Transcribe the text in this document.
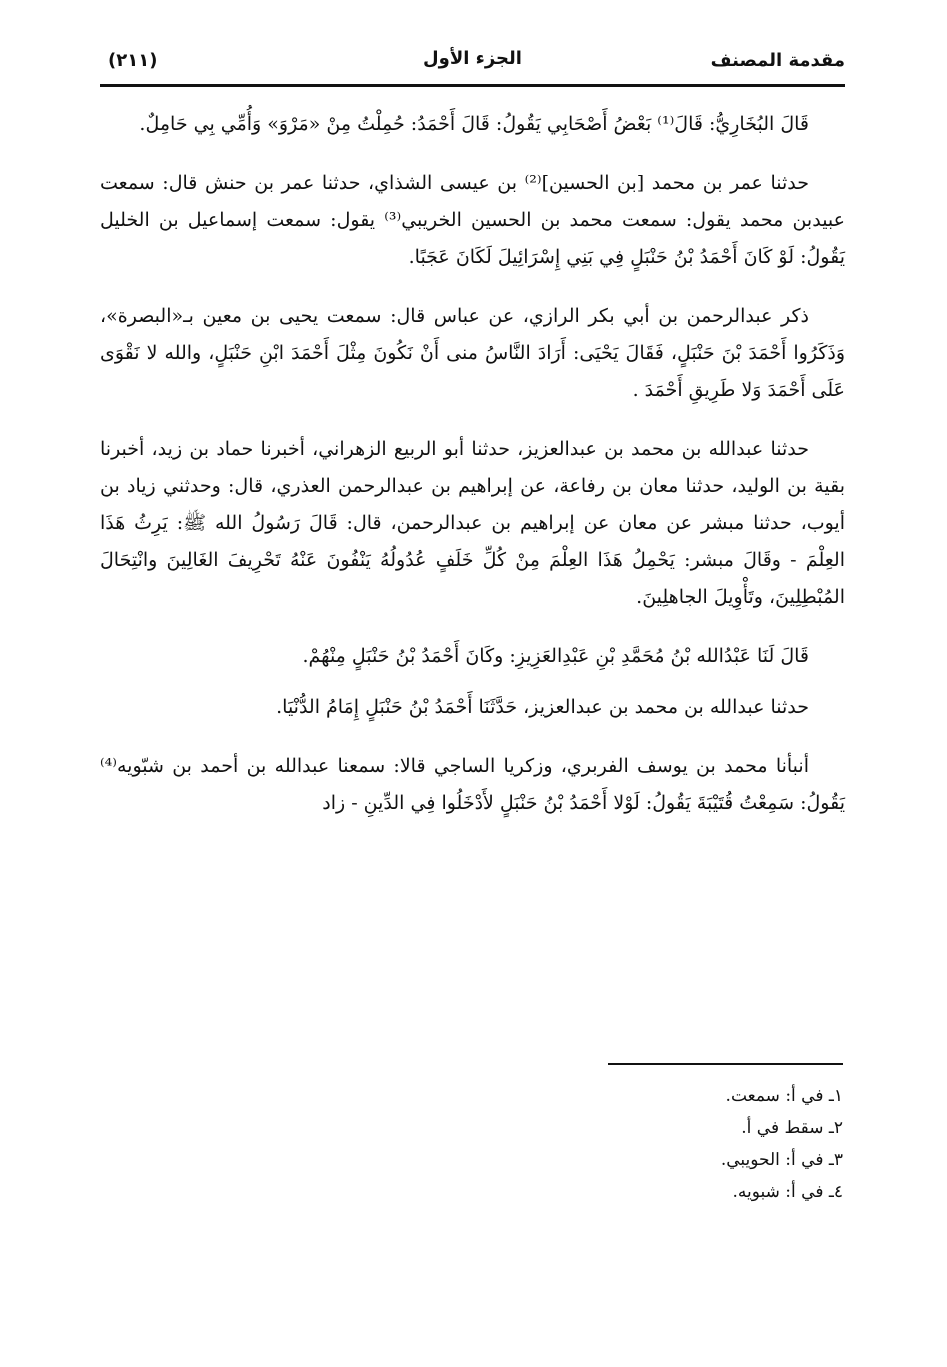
(٢١١)	الجزء الأول	مقدمة المصنف

قَالَ البُخَارِيُّ: قَالَ⁽¹⁾ بَعْضُ أَصْحَابِي يَقُولُ: قَالَ أَحْمَدُ: حُمِلْتُ مِنْ «مَرْوَ» وَأُمِّي بِي حَامِلٌ.

حدثنا عمر بن محمد [بن الحسين]⁽²⁾ بن عيسى الشذاي، حدثنا عمر بن حنش قال: سمعت عبيدبن محمد يقول: سمعت محمد بن الحسين الخريبي⁽³⁾ يقول: سمعت إسماعيل بن الخليل يَقُولُ: لَوْ كَانَ أَحْمَدُ بْنُ حَنْبَلٍ فِي بَنِي إِسْرَائِيلَ لَكَانَ عَجَبًا.

ذكر عبدالرحمن بن أبي بكر الرازي، عن عباس قال: سمعت يحيى بن معين بـ«البصرة»، وَذَكَرُوا أَحْمَدَ بْنَ حَنْبَلٍ، فَقَالَ يَحْيَى: أَرَادَ النَّاسُ منى أَنْ نَكُونَ مِثْلَ أَحْمَدَ ابْنِ حَنْبَلٍ، والله لا نَقْوَى عَلَى أَحْمَدَ وَلا طَرِيقِ أَحْمَدَ .

حدثنا عبدالله بن محمد بن عبدالعزيز، حدثنا أبو الربيع الزهراني، أخبرنا حماد بن زيد، أخبرنا بقية بن الوليد، حدثنا معان بن رفاعة، عن إبراهيم بن عبدالرحمن العذري، قال: وحدثني زياد بن أيوب، حدثنا مبشر عن معان عن إبراهيم بن عبدالرحمن، قال: قَالَ رَسُولُ الله ﷺ: يَرِثُ هَذَا العِلْمَ - وقَالَ مبشر: يَحْمِلُ هَذَا العِلْمَ مِنْ كُلِّ خَلَفٍ عُدُولُهُ يَنْفُونَ عَنْهُ تَحْرِيفَ الغَالِينَ وانْتِحَالَ المُبْطِلِينَ، وتَأْوِيلَ الجاهلِينَ.

قَالَ لَنَا عَبْدُالله بْنُ مُحَمَّدِ بْنِ عَبْدِالعَزِيزِ: وكَانَ أَحْمَدُ بْنُ حَنْبَلٍ مِنْهُمْ.

حدثنا عبدالله بن محمد بن عبدالعزيز، حَدَّثَنَا أَحْمَدُ بْنُ حَنْبَلٍ إِمَامُ الدُّنْيَا.

أنبأنا محمد بن يوسف الفربري، وزكريا الساجي قالا: سمعنا عبدالله بن أحمد بن شبّويه⁽⁴⁾ يَقُولُ: سَمِعْتُ قُتَيْبَةَ يَقُولُ: لَوْلا أَحْمَدُ بْنُ حَنْبَلٍ لأَدْخَلُوا فِي الدِّينِ - زاد

١ـ في أ: سمعت.

٢ـ سقط في أ.

٣ـ في أ: الحويبي.

٤ـ في أ: شبويه.
